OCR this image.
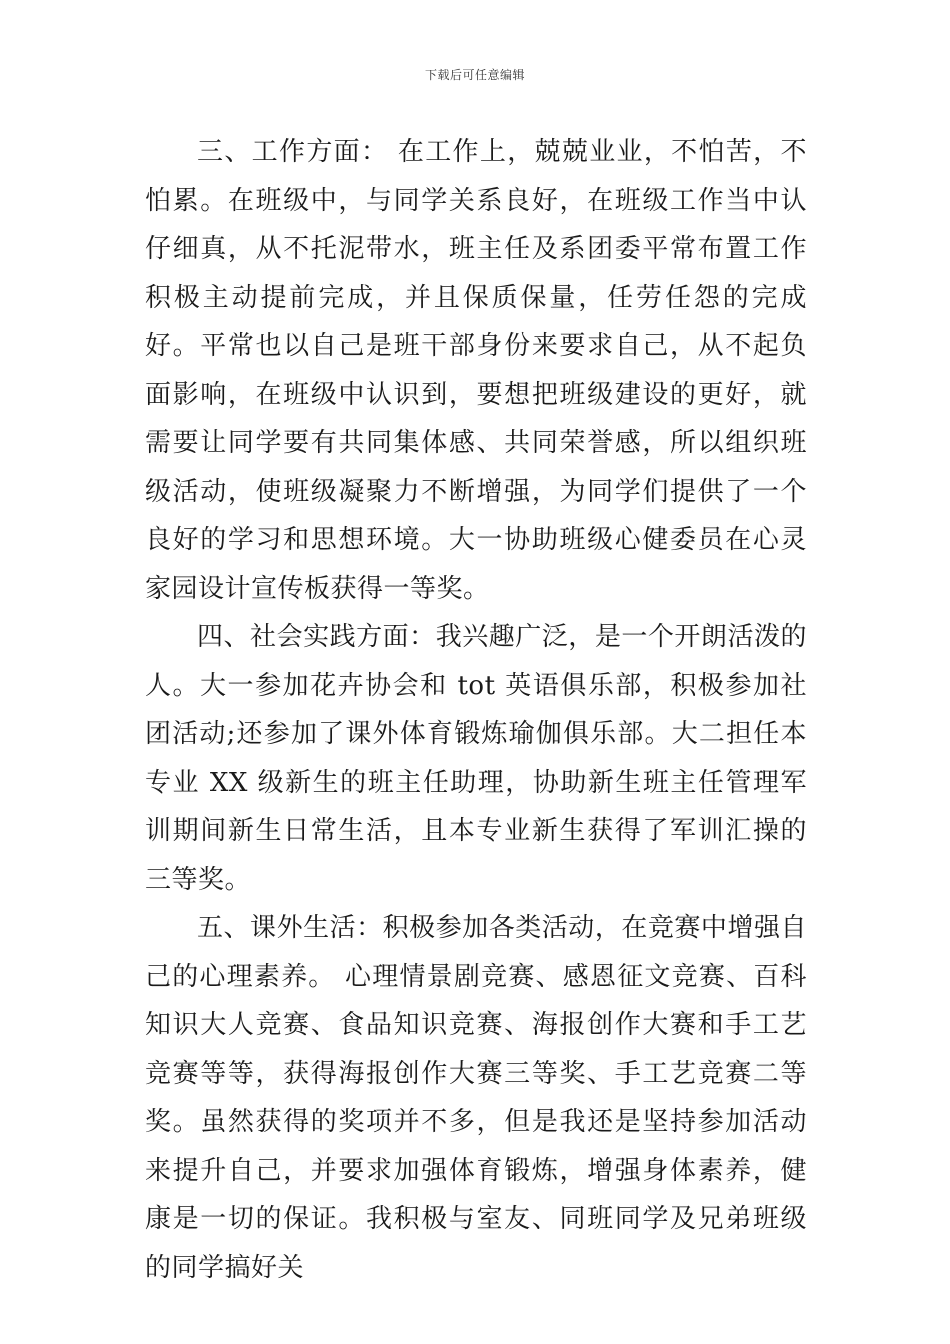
下载后可任意编辑

三、工作方面： 在工作上，兢兢业业，不怕苦，不怕累。在班级中，与同学关系良好，在班级工作当中认仔细真，从不托泥带水，班主任及系团委平常布置工作积极主动提前完成，并且保质保量，任劳任怨的完成好。平常也以自己是班干部身份来要求自己，从不起负面影响，在班级中认识到，要想把班级建设的更好，就需要让同学要有共同集体感、共同荣誉感，所以组织班级活动，使班级凝聚力不断增强，为同学们提供了一个良好的学习和思想环境。大一协助班级心健委员在心灵家园设计宣传板获得一等奖。

四、社会实践方面：我兴趣广泛，是一个开朗活泼的人。大一参加花卉协会和 tot 英语俱乐部，积极参加社团活动;还参加了课外体育锻炼瑜伽俱乐部。大二担任本专业 XX 级新生的班主任助理，协助新生班主任管理军训期间新生日常生活，且本专业新生获得了军训汇操的三等奖。

五、课外生活：积极参加各类活动，在竞赛中增强自己的心理素养。 心理情景剧竞赛、感恩征文竞赛、百科知识大人竞赛、食品知识竞赛、海报创作大赛和手工艺竞赛等等，获得海报创作大赛三等奖、手工艺竞赛二等奖。虽然获得的奖项并不多，但是我还是坚持参加活动来提升自己，并要求加强体育锻炼，增强身体素养，健康是一切的保证。我积极与室友、同班同学及兄弟班级的同学搞好关
